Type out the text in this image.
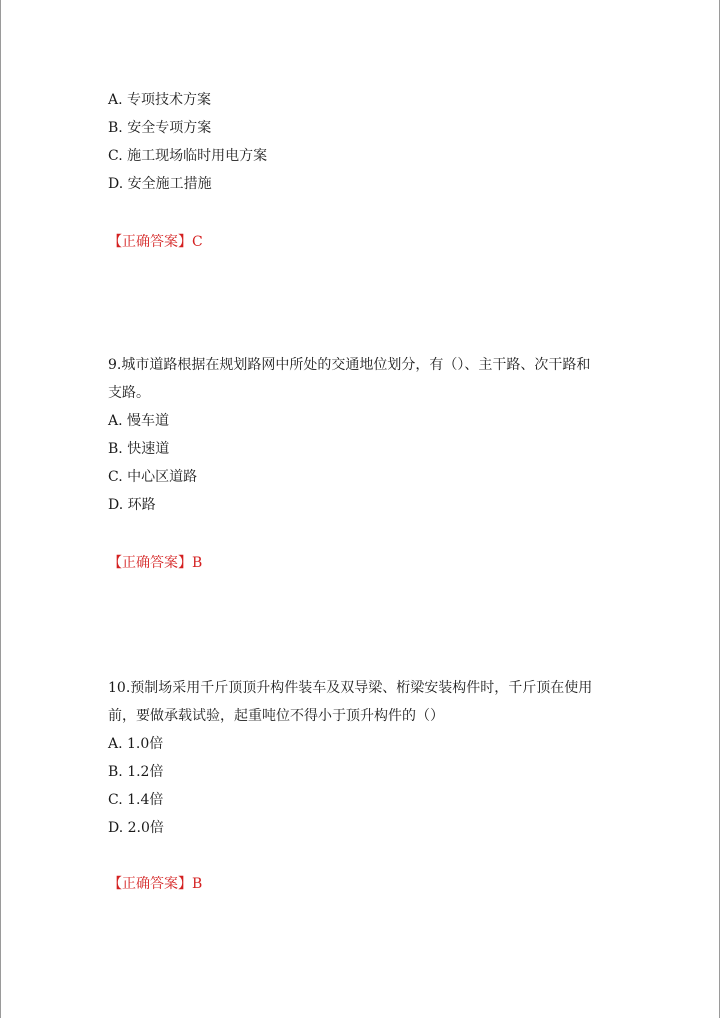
A. 专项技术方案
B. 安全专项方案
C. 施工现场临时用电方案
D. 安全施工措施
【正确答案】C
9.城市道路根据在规划路网中所处的交通地位划分，有（）、主干路、次干路和
支路。
A. 慢车道
B. 快速道
C. 中心区道路
D. 环路
【正确答案】B
10.预制场采用千斤顶顶升构件装车及双导梁、桁梁安装构件时，千斤顶在使用
前，要做承载试验，起重吨位不得小于顶升构件的（）
A. 1.0倍
B. 1.2倍
C. 1.4倍
D. 2.0倍
【正确答案】B
